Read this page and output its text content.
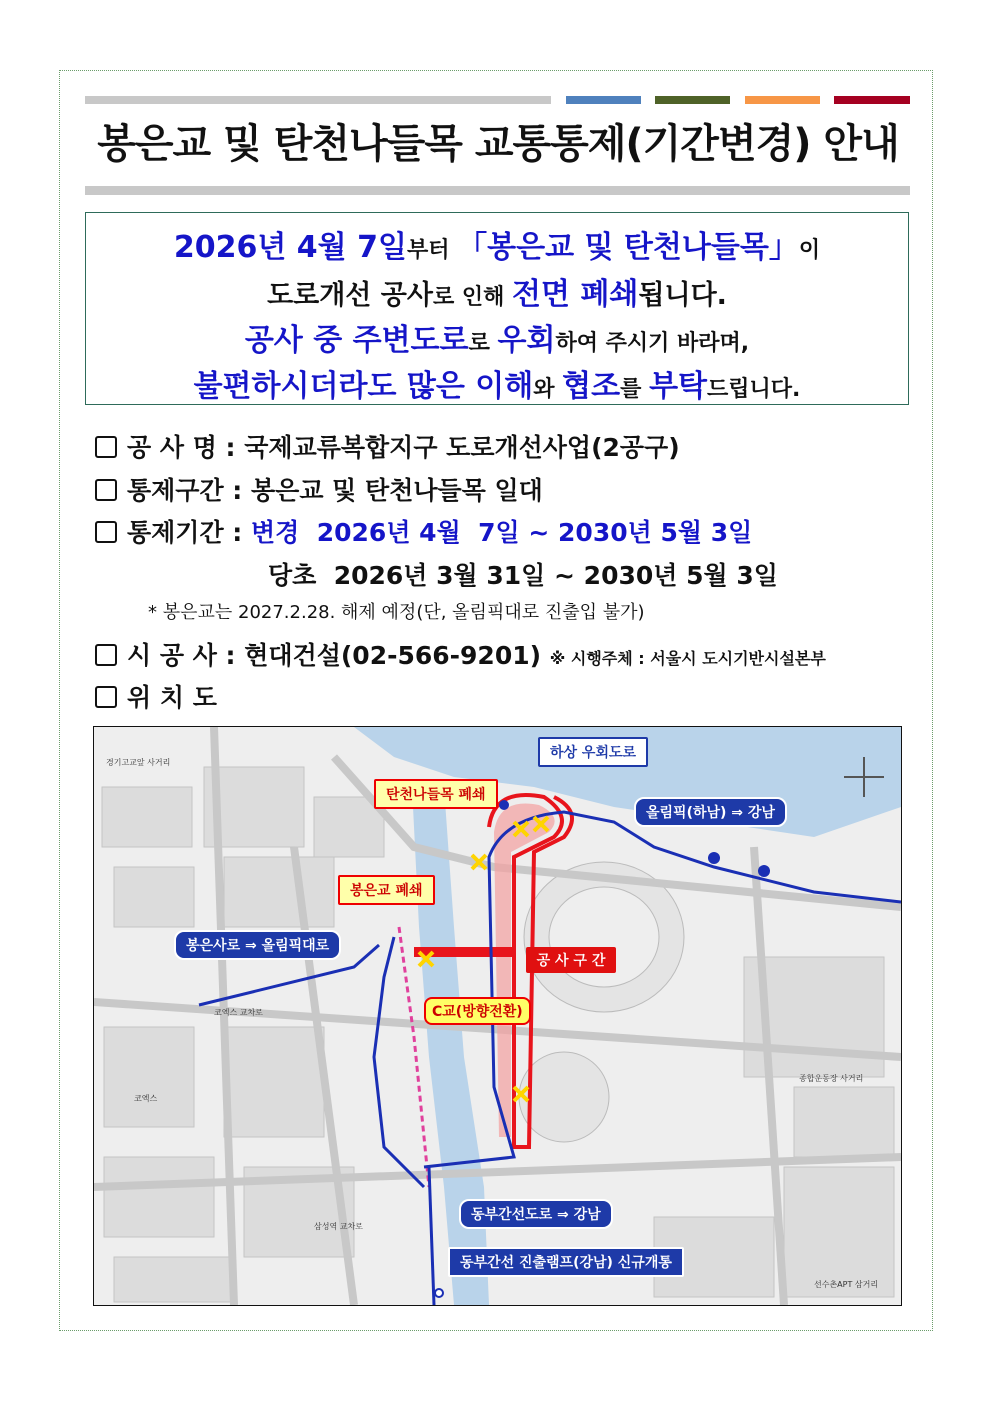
봉은교 및 탄천나들목 교통통제(기간변경) 안내
2026년 4월 7일부터 「봉은교 및 탄천나들목」이
도로개선 공사로 인해 전면 폐쇄됩니다.
공사 중 주변도로로 우회하여 주시기 바라며,
불편하시더라도 많은 이해와 협조를 부탁드립니다.
공 사 명 : 국제교류복합지구 도로개선사업(2공구)
통제구간 : 봉은교 및 탄천나들목 일대
통제기간 : 변경  2026년 4월  7일 ~ 2030년 5월 3일
당초  2026년 3월 31일 ~ 2030년 5월 3일
* 봉은교는 2027.2.28. 해제 예정(단, 올림픽대로 진출입 불가)
시 공 사 : 현대건설(02-566-9201) ※ 시행주체 : 서울시 도시기반시설본부
위 치 도
하상 우회도로
탄천나들목 폐쇄
올림픽(하남) ⇒ 강남
봉은교 폐쇄
봉은사로 ⇒ 올림픽대로
공 사 구 간
C교(방향전환)
동부간선도로 ⇒ 강남
동부간선 진출램프(강남) 신규개통
경기고교앞 사거리
코엑스 교차로
삼성역 교차로
코엑스
종합운동장 사거리
선수촌APT 삼거리
